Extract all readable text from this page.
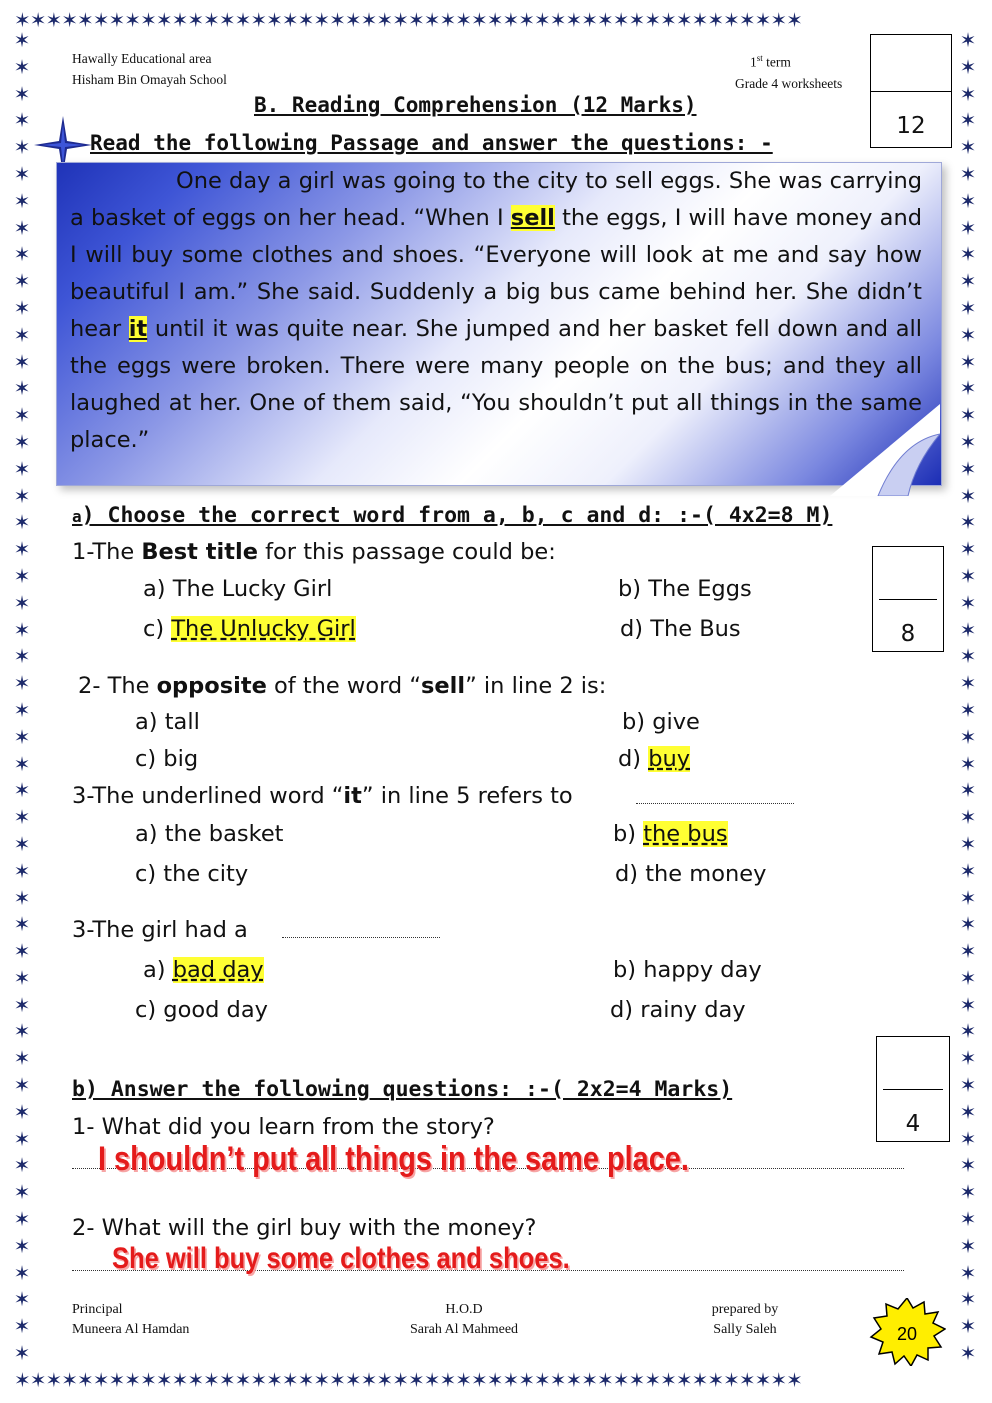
✶✶✶✶✶✶✶✶✶✶✶✶✶✶✶✶✶✶✶✶✶✶✶✶✶✶✶✶✶✶✶✶✶✶✶✶✶✶✶✶✶✶✶✶✶✶✶✶✶✶
✶✶✶✶✶✶✶✶✶✶✶✶✶✶✶✶✶✶✶✶✶✶✶✶✶✶✶✶✶✶✶✶✶✶✶✶✶✶✶✶✶✶✶✶✶✶✶✶✶✶
✶
✶
✶
✶
✶
✶
✶
✶
✶
✶
✶
✶
✶
✶
✶
✶
✶
✶
✶
✶
✶
✶
✶
✶
✶
✶
✶
✶
✶
✶
✶
✶
✶
✶
✶
✶
✶
✶
✶
✶
✶
✶
✶
✶
✶
✶
✶
✶
✶
✶
✶
✶
✶
✶
✶
✶
✶
✶
✶
✶
✶
✶
✶
✶
✶
✶
✶
✶
✶
✶
✶
✶
✶
✶
✶
✶
✶
✶
✶
✶
✶
✶
✶
✶
✶
✶
✶
✶
✶
✶
✶
✶
✶
✶
✶
✶
✶
✶
✶
✶
Hawally Educational area
Hisham Bin Omayah School
1st term
Grade 4 worksheets
12
B. Reading Comprehension (12 Marks)
Read the following Passage and answer the questions: -
One day a girl was going to the city to sell eggs. She was carrying a basket of eggs on her head. “When I sell the eggs, I will have money and I will buy some clothes and shoes. “Everyone will look at me and say how beautiful I am.” She said. Suddenly a big bus came behind her. She didn’t hear it until it was quite near. She jumped and her basket fell down and all the eggs were broken. There were many people on the bus; and they all laughed at her. One of them said, “You shouldn’t put all things in the same place.”
a) Choose the correct word from a, b, c and d: :-( 4x2=8 M)
8
1-The Best title for this passage could be:
a) The Lucky Girl	b) The Eggs
c) The Unlucky Girl	d) The Bus
2- The opposite of the word “sell” in line 2 is:
a) tall	b) give
c) big	d) buy
3-The underlined word “it” in line 5 refers to
a) the basket	b) the bus
c) the city	d) the money
3-The girl had a
a) bad day	b) happy day
c) good day	d) rainy day
4
b) Answer the following questions: :-( 2x2=4 Marks)
1- What did you learn from the story?
I shouldn’t put all things in the same place.
2- What will the girl buy with the money?
She will buy some clothes and shoes.
Principal
Muneera Al Hamdan
H.O.D
Sarah Al Mahmeed
prepared by
Sally Saleh	20
